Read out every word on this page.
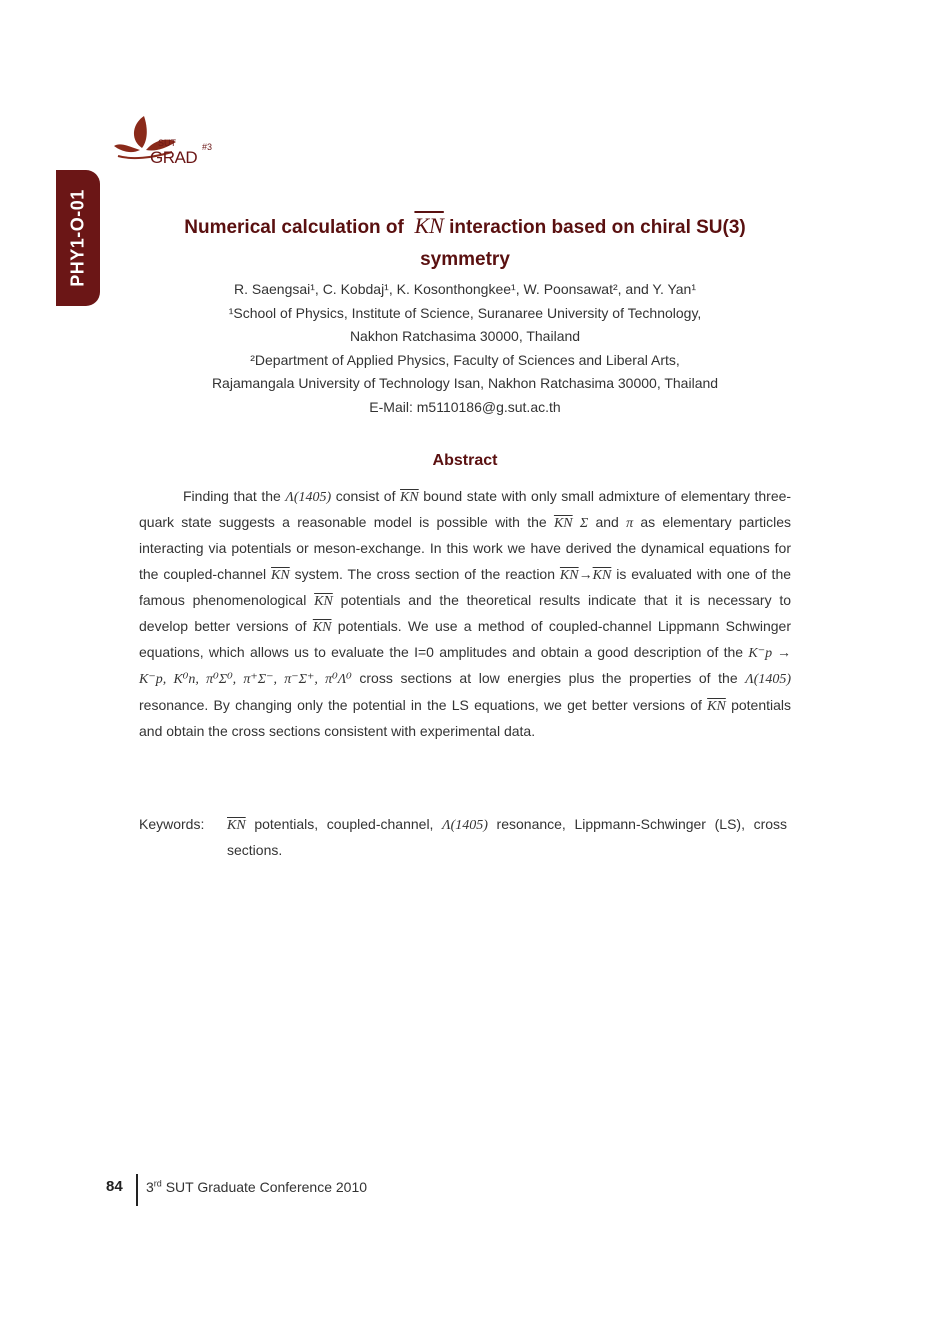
SUT
GRAD
#3
PHY1-O-01	Numerical calculation of $\overline{KN}$ interaction based on chiral SU(3)
symmetry

R. Saengsai¹, C. Kobdaj¹, K. Kosonthongkee¹, W. Poonsawat², and Y. Yan¹

¹School of Physics, Institute of Science, Suranaree University of Technology,

Nakhon Ratchasima 30000, Thailand

²Department of Applied Physics, Faculty of Sciences and Liberal Arts,

Rajamangala University of Technology Isan, Nakhon Ratchasima 30000, Thailand

E-Mail: m5110186@g.sut.ac.th

Abstract

Finding that the Λ(1405) consist of $\overline{KN}$ bound state with only small admixture of elementary three-quark state suggests a reasonable model is possible with the $\overline{KN}$ Σ and π as elementary particles interacting via potentials or meson-exchange. In this work we have derived the dynamical equations for the coupled-channel $\overline{KN}$ system. The cross section of the reaction $\overline{KN}\to\overline{KN}$ is evaluated with one of the famous phenomenological $\overline{KN}$ potentials and the theoretical results indicate that it is necessary to develop better versions of $\overline{KN}$ potentials. We use a method of coupled-channel Lippmann Schwinger equations, which allows us to evaluate the I=0 amplitudes and obtain a good description of the K⁻p → K⁻p, K⁰n, π⁰Σ⁰, π⁺Σ⁻, π⁻Σ⁺, π⁰Λ⁰ cross sections at low energies plus the properties of the Λ(1405) resonance. By changing only the potential in the LS equations, we get better versions of $\overline{KN}$ potentials and obtain the cross sections consistent with experimental data.

Keywords: $\overline{KN}$ potentials, coupled-channel, Λ(1405) resonance, Lippmann-Schwinger (LS), cross sections.
84 3rd SUT Graduate Conference 2010
